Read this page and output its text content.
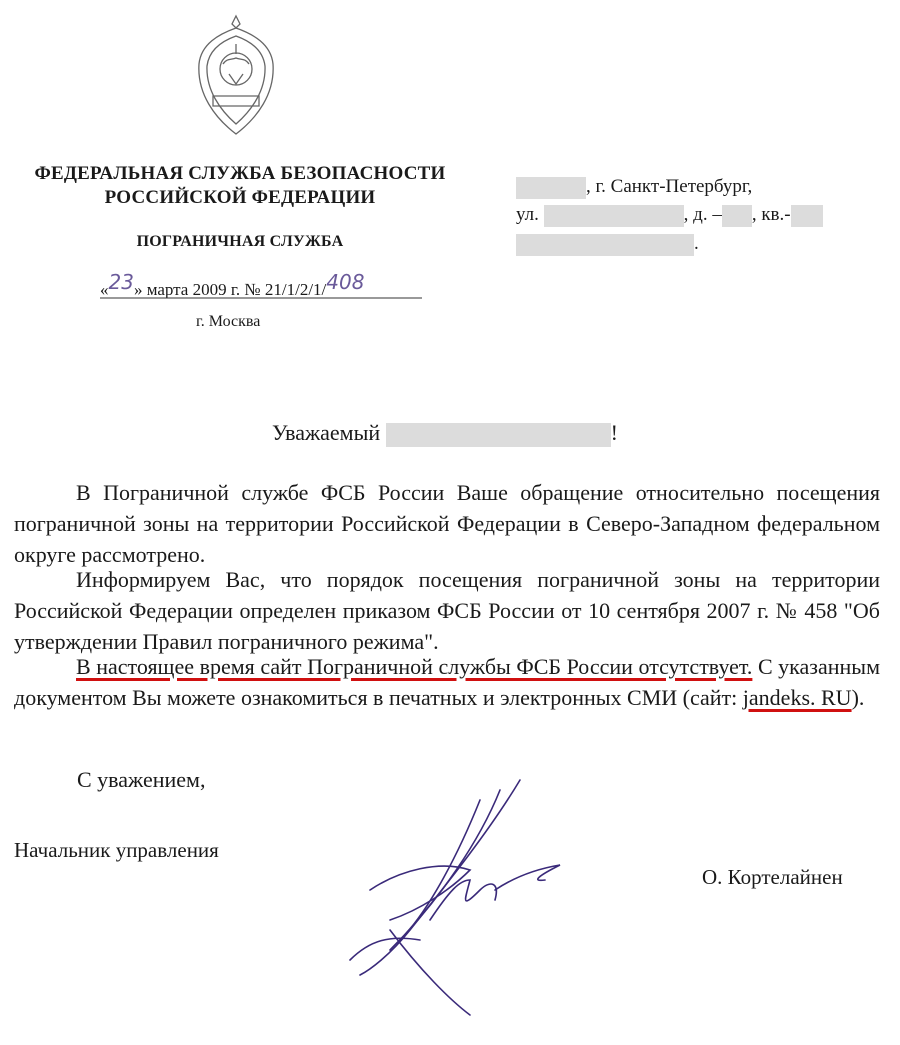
ФЕДЕРАЛЬНАЯ СЛУЖБА БЕЗОПАСНОСТИ
РОССИЙСКОЙ ФЕДЕРАЦИИ
ПОГРАНИЧНАЯ СЛУЖБА
«23» марта 2009 г. № 21/1/2/1/408
г. Москва
, г. Санкт-Петербург,
ул.	, д. – , кв.-
.
Уважаемый	!
В Пограничной службе ФСБ России Ваше обращение относительно посещения пограничной зоны на территории Российской Федерации в Северо-Западном федеральном округе рассмотрено.
Информируем Вас, что порядок посещения пограничной зоны на территории Российской Федерации определен приказом ФСБ России от 10 сентября 2007 г. № 458 "Об утверждении Правил пограничного режима".
В настоящее время сайт Пограничной службы ФСБ России отсутствует. С указанным документом Вы можете ознакомиться в печатных и электронных СМИ (сайт: jandeks. RU).
С уважением,
Начальник управления
О. Кортелайнен
